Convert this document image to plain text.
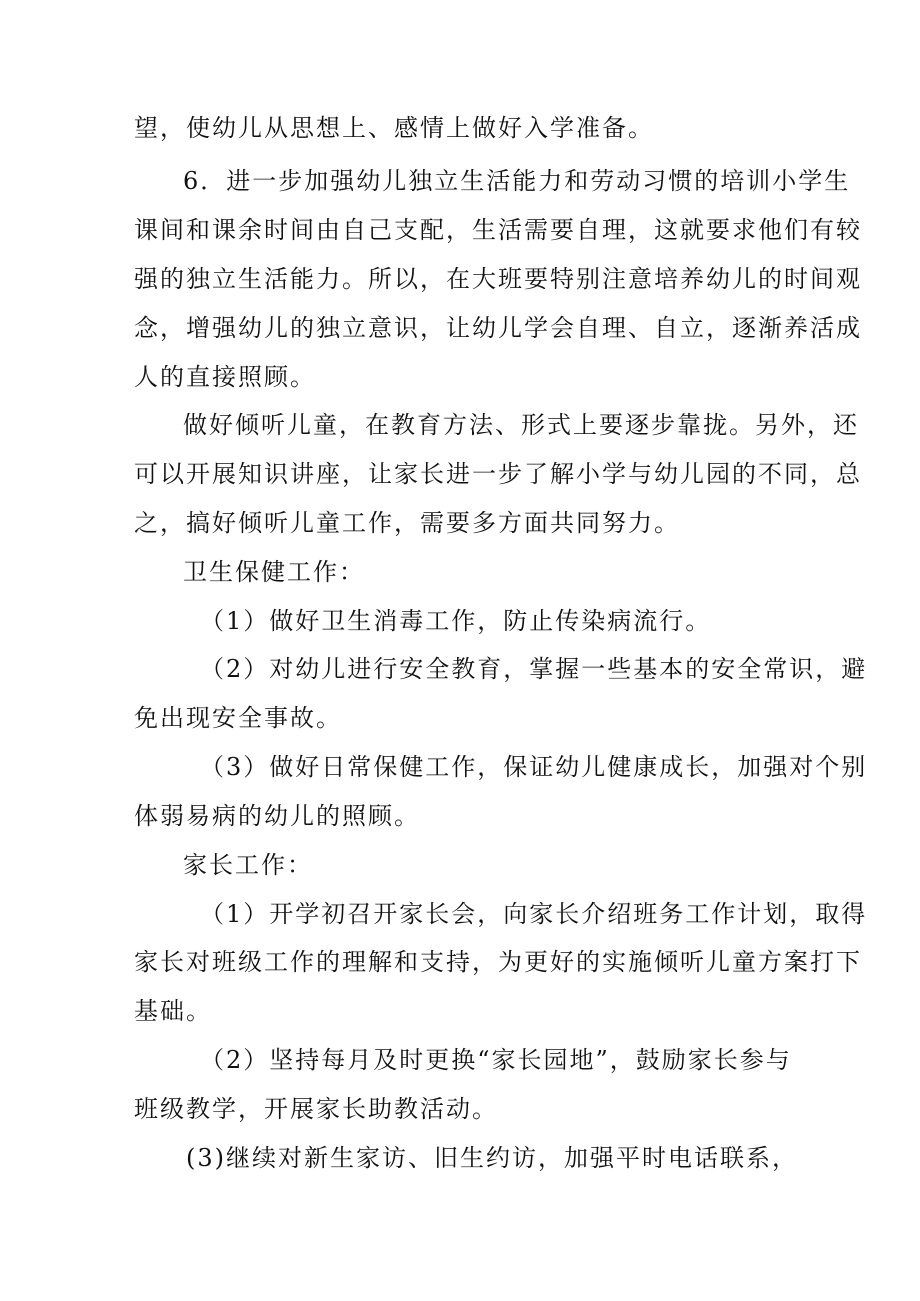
望，使幼儿从思想上、感情上做好入学准备。
6．进一步加强幼儿独立生活能力和劳动习惯的培训小学生
课间和课余时间由自己支配，生活需要自理，这就要求他们有较
强的独立生活能力。所以，在大班要特别注意培养幼儿的时间观
念，增强幼儿的独立意识，让幼儿学会自理、自立，逐渐养活成
人的直接照顾。
做好倾听儿童，在教育方法、形式上要逐步靠拢。另外，还
可以开展知识讲座，让家长进一步了解小学与幼儿园的不同，总
之，搞好倾听儿童工作，需要多方面共同努力。
卫生保健工作：
（1）做好卫生消毒工作，防止传染病流行。
（2）对幼儿进行安全教育，掌握一些基本的安全常识，避
免出现安全事故。
（3）做好日常保健工作，保证幼儿健康成长，加强对个别
体弱易病的幼儿的照顾。
家长工作：
（1）开学初召开家长会，向家长介绍班务工作计划，取得
家长对班级工作的理解和支持，为更好的实施倾听儿童方案打下
基础。
（2）坚持每月及时更换“家长园地”，鼓励家长参与
班级教学，开展家长助教活动。
(3)继续对新生家访、旧生约访，加强平时电话联系，
